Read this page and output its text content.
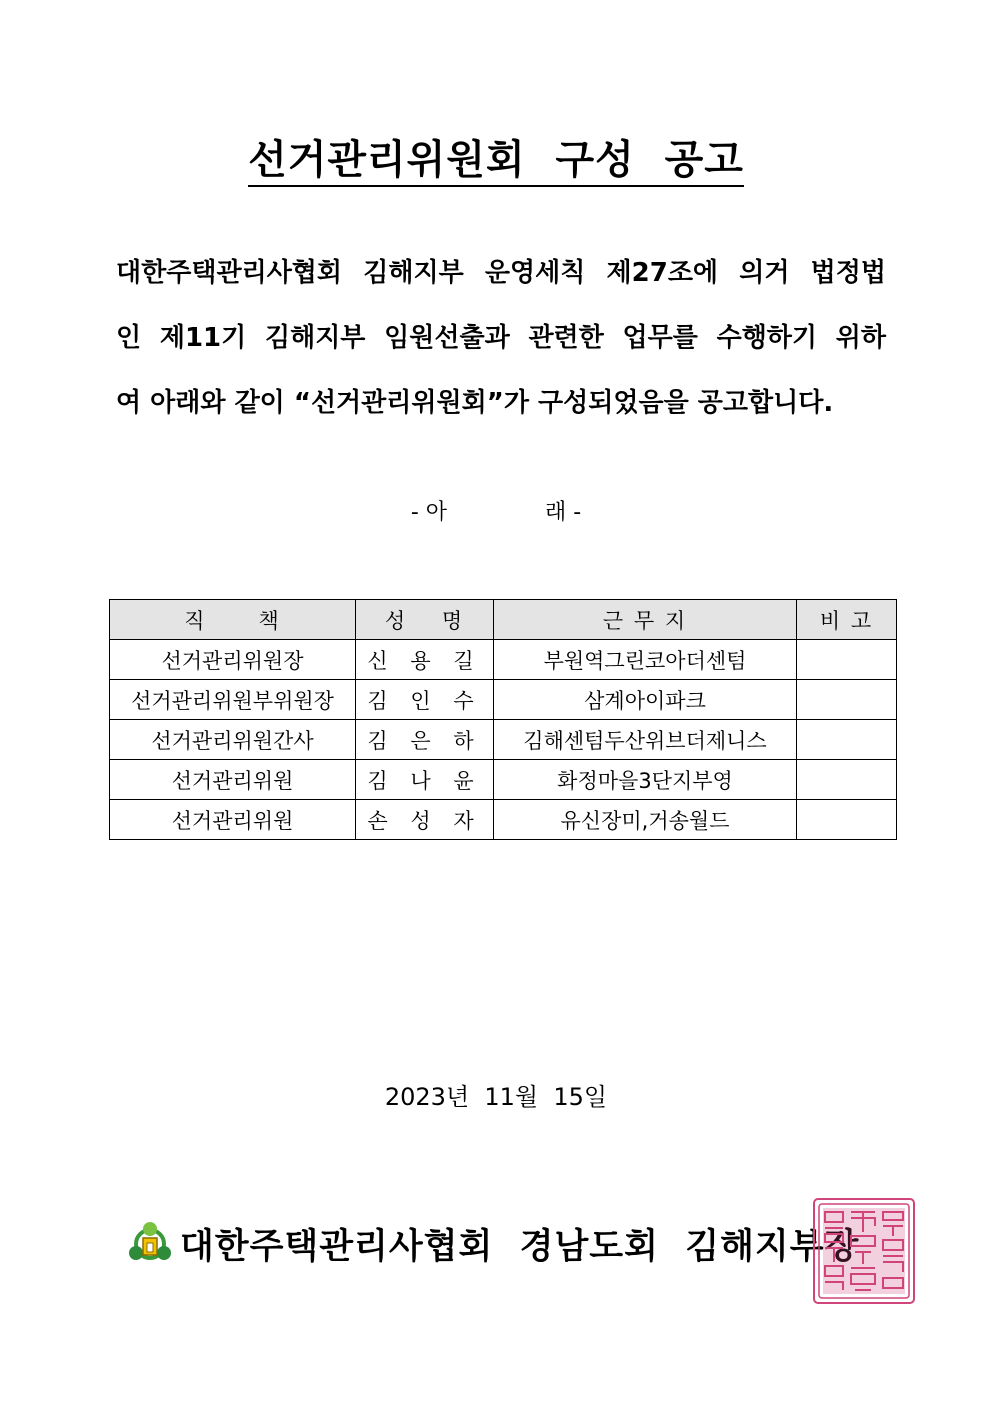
선거관리위원회  구성  공고
대한주택관리사협회 김해지부 운영세칙 제27조에 의거 법정법
인 제11기 김해지부 임원선출과 관련한 업무를 수행하기 위하
여 아래와 같이 “선거관리위원회”가 구성되었음을 공고합니다.
- 아              래 -
직      책	성    명	근 무 지	비 고
선거관리위원장	신 용 길	부원역그린코아더센텀	
선거관리위원부위원장	김 인 수	삼계아이파크	
선거관리위원간사	김 은 하	김해센텀두산위브더제니스	
선거관리위원	김 나 윤	화정마을3단지부영	
선거관리위원	손 성 자	유신장미,거송월드	
2023년  11월  15일
대한주택관리사협회  경남도회  김해지부장
